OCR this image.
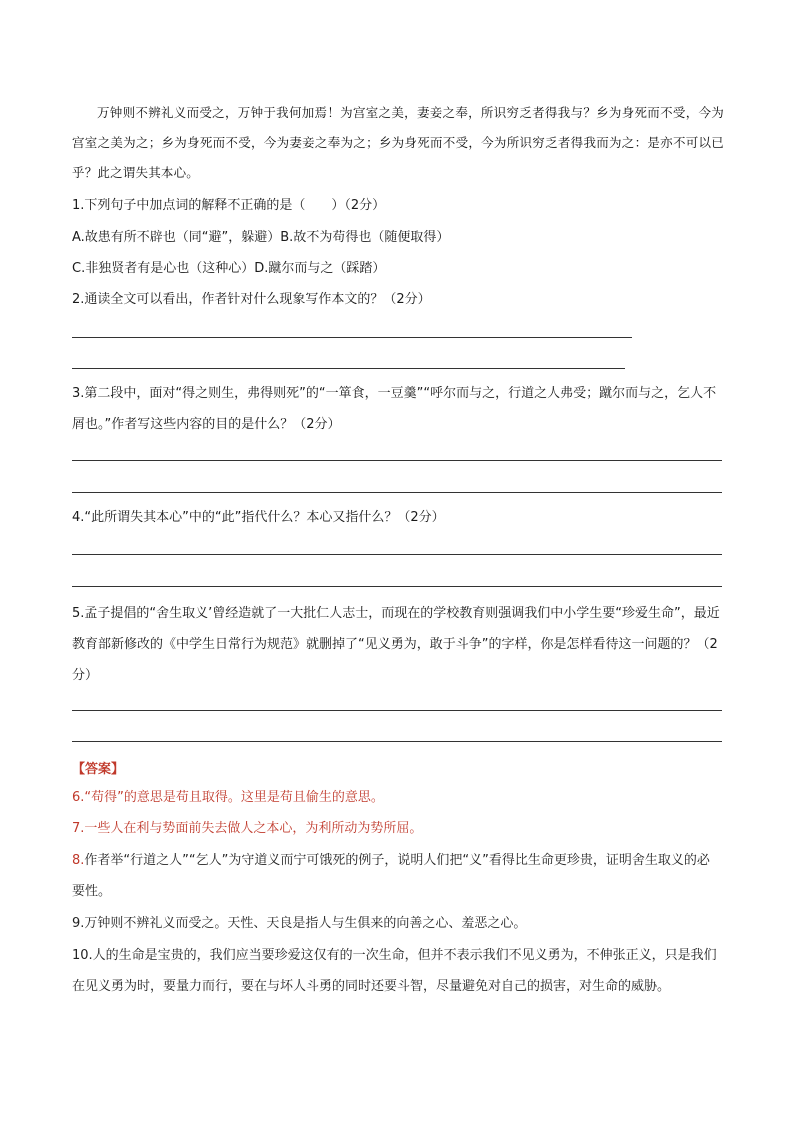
万钟则不辨礼义而受之，万钟于我何加焉！为宫室之美，妻妾之奉，所识穷乏者得我与？乡为身死而不受，今为宫室之美为之；乡为身死而不受，今为妻妾之奉为之；乡为身死而不受，今为所识穷乏者得我而为之：是亦不可以已乎？此之谓失其本心。

1.下列句子中加点词的解释不正确的是（　　）（2分）
A.故患有所不辟也（同“避”，躲避）B.故不为苟得也（随便取得）
C.非独贤者有是心也（这种心）D.蹴尔而与之（踩踏）
2.通读全文可以看出，作者针对什么现象写作本文的？（2分）

3.第二段中，面对“得之则生，弗得则死”的“一箪食，一豆羹”“呼尔而与之，行道之人弗受；蹴尔而与之，乞人不屑也。”作者写这些内容的目的是什么？（2分）

4.“此所谓失其本心”中的“此”指代什么？本心又指什么？（2分）

5.孟子提倡的“舍生取义’曾经造就了一大批仁人志士，而现在的学校教育则强调我们中小学生要“珍爱生命”，最近教育部新修改的《中学生日常行为规范》就删掉了“见义勇为，敢于斗争”的字样，你是怎样看待这一问题的？（2分）

【答案】
6.“苟得”的意思是苟且取得。这里是苟且偷生的意思。
7.一些人在利与势面前失去做人之本心，为利所动为势所屈。

8.作者举“行道之人”“乞人”为守道义而宁可饿死的例子，说明人们把“义”看得比生命更珍贵，证明舍生取义的必要性。

9.万钟则不辨礼义而受之。天性、天良是指人与生俱来的向善之心、羞恶之心。

10.人的生命是宝贵的，我们应当要珍爱这仅有的一次生命，但并不表示我们不见义勇为，不伸张正义，只是我们在见义勇为时，要量力而行，要在与坏人斗勇的同时还要斗智，尽量避免对自己的损害，对生命的威胁。
